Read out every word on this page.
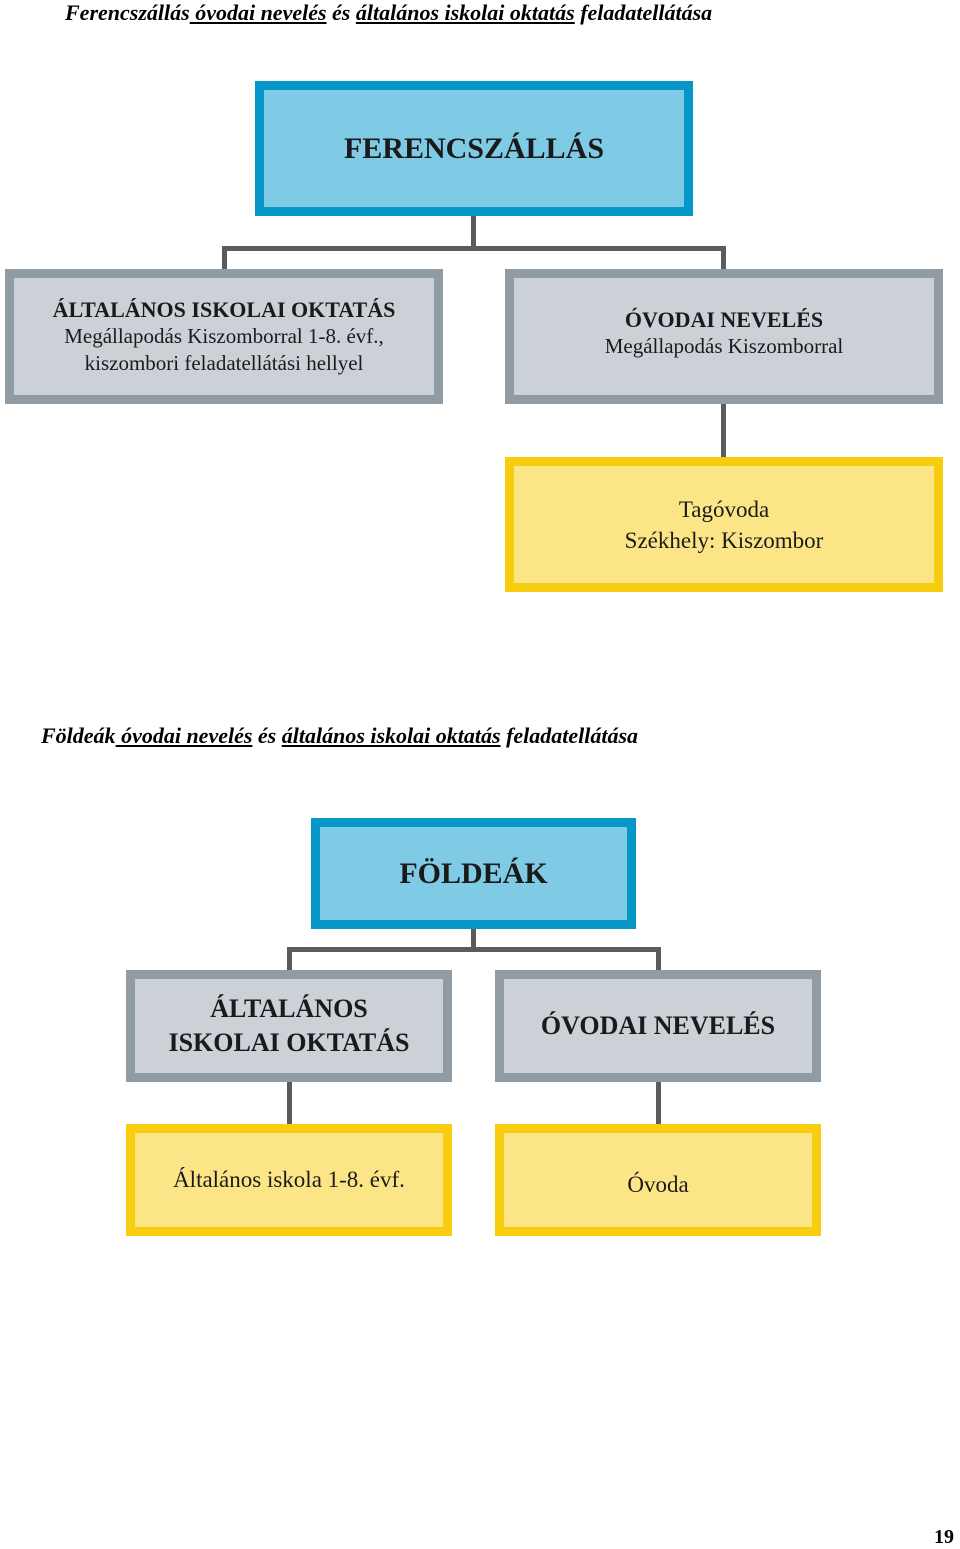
Ferencszállás óvodai nevelés és általános iskolai oktatás feladatellátása
FERENCSZÁLLÁS
ÁLTALÁNOS ISKOLAI OKTATÁS
Megállapodás Kiszomborral 1-8. évf.,
kiszombori feladatellátási hellyel
ÓVODAI NEVELÉS
Megállapodás Kiszomborral
Tagóvoda
Székhely: Kiszombor
Földeák óvodai nevelés és általános iskolai oktatás feladatellátása
FÖLDEÁK
ÁLTALÁNOS
ISKOLAI OKTATÁS
ÓVODAI NEVELÉS
Általános iskola 1-8. évf.	Óvoda
19
